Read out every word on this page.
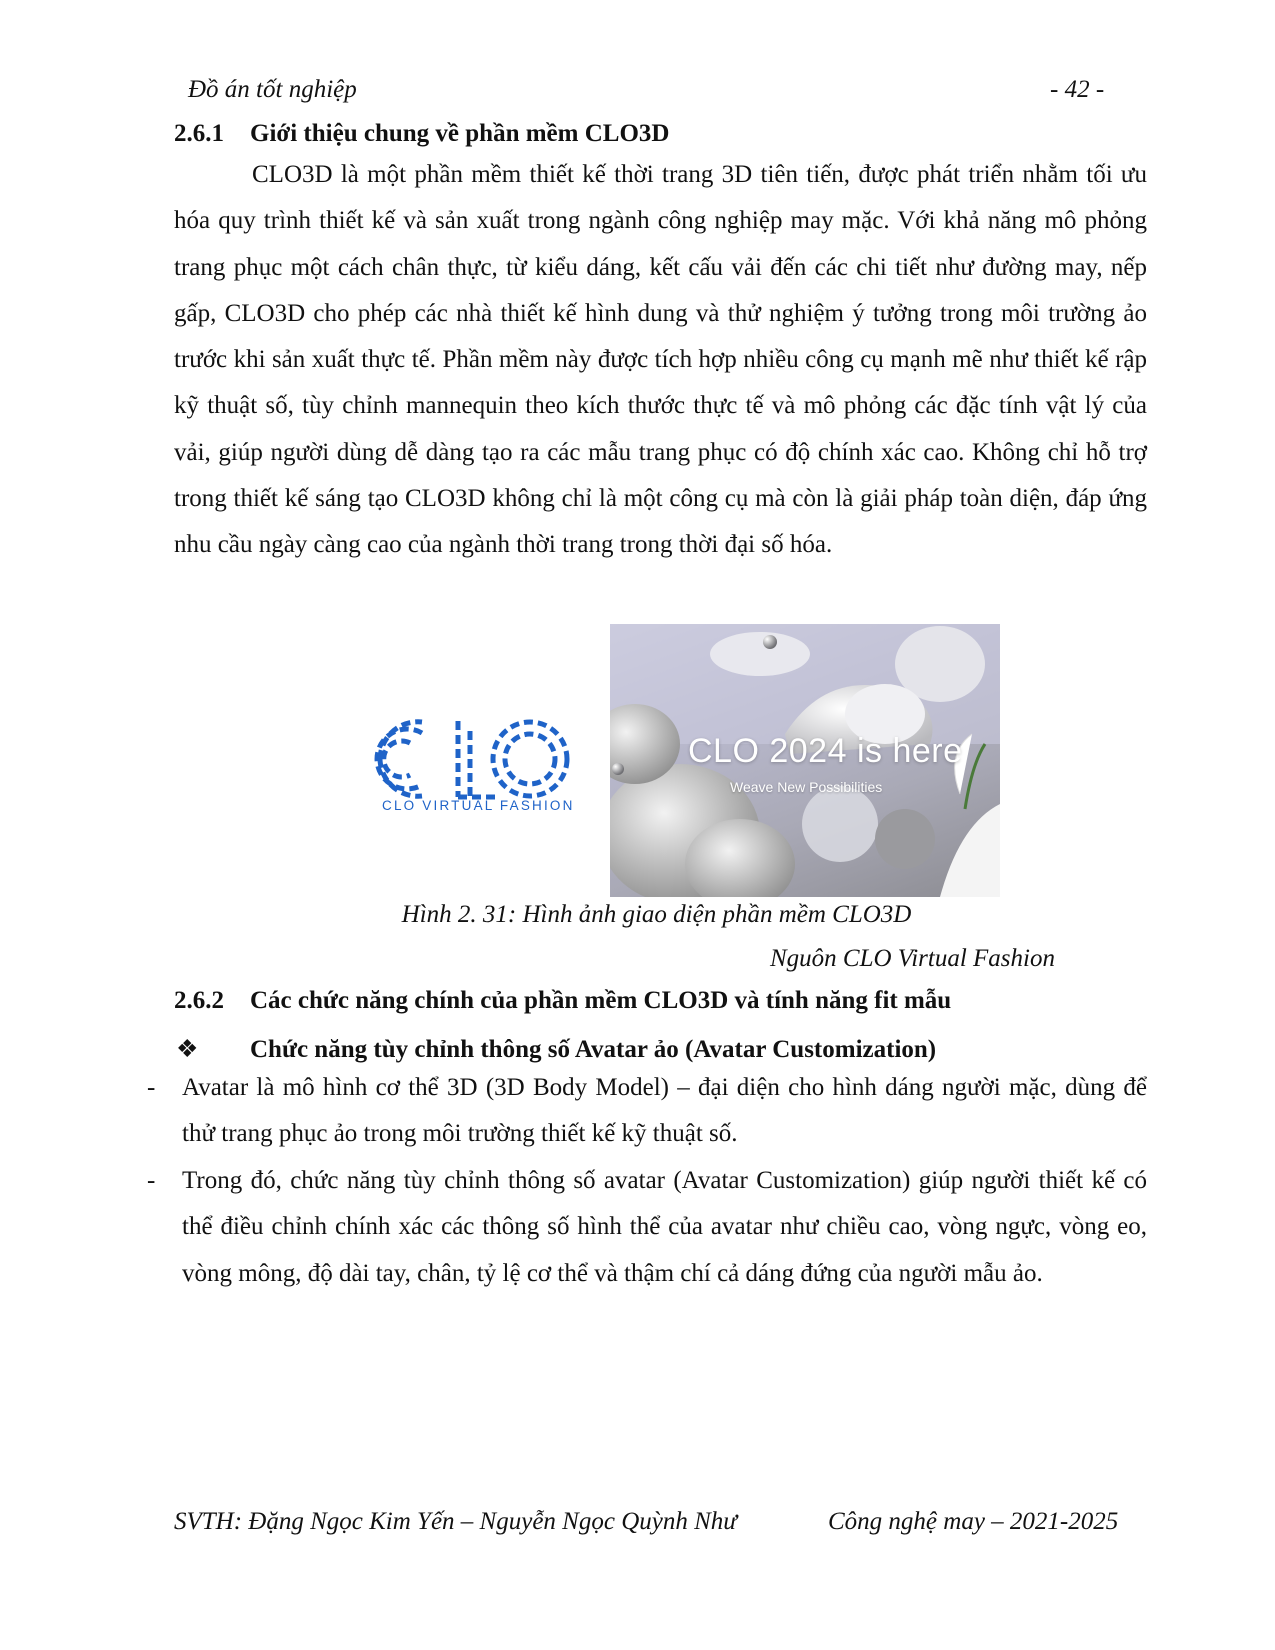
Đồ án tốt nghiệp	- 42 -
2.6.1 Giới thiệu chung về phần mềm CLO3D

CLO3D là một phần mềm thiết kế thời trang 3D tiên tiến, được phát triển nhằm tối ưu hóa quy trình thiết kế và sản xuất trong ngành công nghiệp may mặc. Với khả năng mô phỏng trang phục một cách chân thực, từ kiểu dáng, kết cấu vải đến các chi tiết như đường may, nếp gấp, CLO3D cho phép các nhà thiết kế hình dung và thử nghiệm ý tưởng trong môi trường ảo trước khi sản xuất thực tế. Phần mềm này được tích hợp nhiều công cụ mạnh mẽ như thiết kế rập kỹ thuật số, tùy chỉnh mannequin theo kích thước thực tế và mô phỏng các đặc tính vật lý của vải, giúp người dùng dễ dàng tạo ra các mẫu trang phục có độ chính xác cao. Không chỉ hỗ trợ trong thiết kế sáng tạo CLO3D không chỉ là một công cụ mà còn là giải pháp toàn diện, đáp ứng nhu cầu ngày càng cao của ngành thời trang trong thời đại số hóa.

CLO VIRTUAL FASHION
CLO 2024 is here
Weave New Possibilities
Hình 2. 31: Hình ảnh giao diện phần mềm CLO3D
Nguôn CLO Virtual Fashion
2.6.2 Các chức năng chính của phần mềm CLO3D và tính năng fit mẫu
❖ Chức năng tùy chỉnh thông số Avatar ảo (Avatar Customization)
- Avatar là mô hình cơ thể 3D (3D Body Model) – đại diện cho hình dáng người mặc, dùng để thử trang phục ảo trong môi trường thiết kế kỹ thuật số.
- Trong đó, chức năng tùy chỉnh thông số avatar (Avatar Customization) giúp người thiết kế có thể điều chỉnh chính xác các thông số hình thể của avatar như chiều cao, vòng ngực, vòng eo, vòng mông, độ dài tay, chân, tỷ lệ cơ thể và thậm chí cả dáng đứng của người mẫu ảo.
SVTH: Đặng Ngọc Kim Yến – Nguyễn Ngọc Quỳnh Như	Công nghệ may – 2021-2025
